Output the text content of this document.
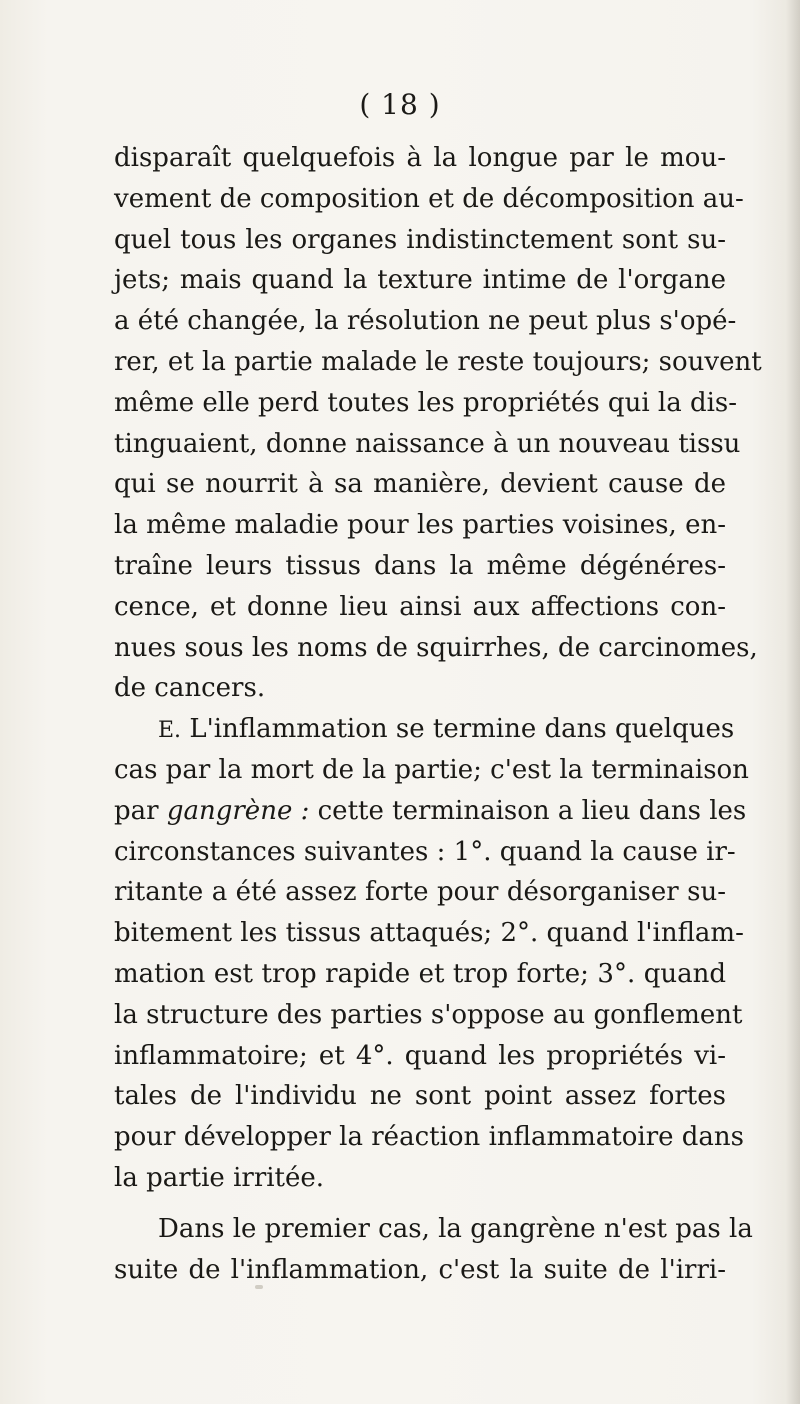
( 18 )
disparaît quelquefois à la longue par le mou-
vement de composition et de décomposition au-
quel tous les organes indistinctement sont su-
jets; mais quand la texture intime de l'organe
a été changée, la résolution ne peut plus s'opé-
rer, et la partie malade le reste toujours; souvent
même elle perd toutes les propriétés qui la dis-
tinguaient, donne naissance à un nouveau tissu
qui se nourrit à sa manière, devient cause de
la même maladie pour les parties voisines, en-
traîne leurs tissus dans la même dégénéres-
cence, et donne lieu ainsi aux affections con-
nues sous les noms de squirrhes, de carcinomes,
de cancers.
E. L'inflammation se termine dans quelques
cas par la mort de la partie; c'est la terminaison
par gangrène : cette terminaison a lieu dans les
circonstances suivantes : 1°. quand la cause ir-
ritante a été assez forte pour désorganiser su-
bitement les tissus attaqués; 2°. quand l'inflam-
mation est trop rapide et trop forte; 3°. quand
la structure des parties s'oppose au gonflement
inflammatoire; et 4°. quand les propriétés vi-
tales de l'individu ne sont point assez fortes
pour développer la réaction inflammatoire dans
la partie irritée.
Dans le premier cas, la gangrène n'est pas la
suite de l'inflammation, c'est la suite de l'irri-
